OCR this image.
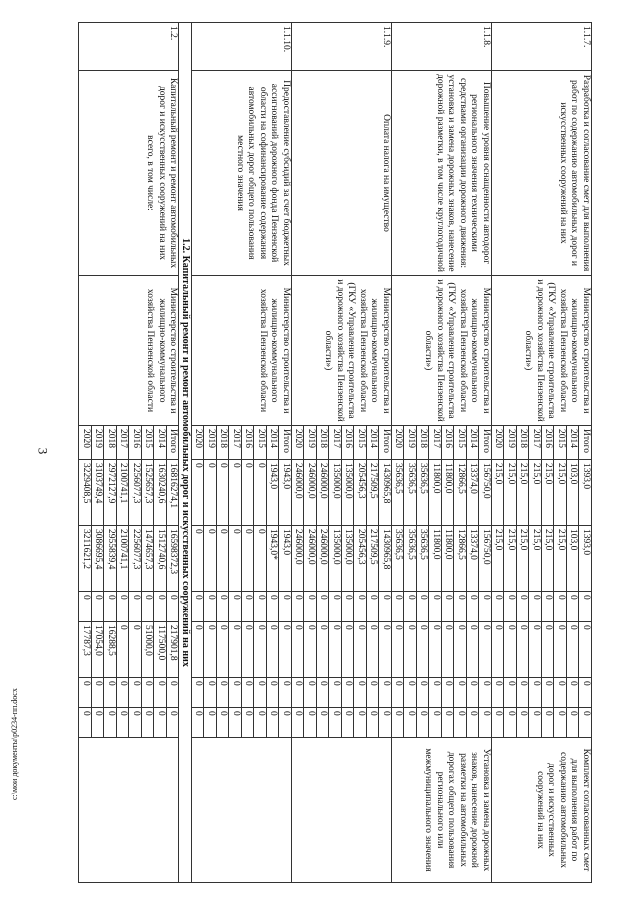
3
c:\мои документы\р0234-пп.docx
1.1.7.	Разработка и согласование смет для выполнения работ по содержанию автомобильных дорог и искусственных сооружений на них	Министерство строительства и жилищно-коммунального хозяйства Пензенской области (ГКУ «Управление строительства и дорожного хозяйства Пензенской области»)	Итого	1393,0	1393,0	0	0	0	0	Комплект согласованных смет для выполнения работ по содержанию автомобильных дорог и искусственных сооружений на них
			2014	103,0	103,0	0	0	0	0	
			2015	215,0	215,0	0	0	0	0	
			2016	215,0	215,0	0	0	0	0	
			2017	215,0	215,0	0	0	0	0	
			2018	215,0	215,0	0	0	0	0	
			2019	215,0	215,0	0	0	0	0	
			2020	215,0	215,0	0	0	0	0	
1.1.8.	Повышение уровня оснащенности автодорог регионального значения техническими средствами организации дорожного движения: установка и замена дорожных знаков, нанесение дорожной разметки, в том числе круглогодичной	Министерство строительства и жилищно-коммунального хозяйства Пензенской области (ГКУ «Управление строительства и дорожного хозяйства Пензенской области»)	Итого	156750,0	156750,0	0	0	0	0	Установка и замена дорожных знаков, нанесение дорожной разметки на автомобильных дорогах общего пользования регионального или межмуниципального значения
			2014	13374,0	13374,0	0	0	0	0	
			2015	12866,5	12866,5	0	0	0	0	
			2016	11800,0	11800,0	0	0	0	0	
			2017	11800,0	11800,0	0	0	0	0	
			2018	35636,5	35636,5	0	0	0	0	
			2019	35636,5	35636,5	0	0	0	0	
			2020	35636,5	35636,5	0	0	0	0	
1.1.9.	Оплата налога на имущество	Министерство строительства и жилищно-коммунального хозяйства Пензенской области (ГКУ «Управление строительства и дорожного хозяйства Пензенской области»)	Итого	1430965,8	1430965,8	0	0	0	0	
			2014	217509,5	217509,5	0	0	0	0	
			2015	205456,3	205456,3	0	0	0	0	
			2016	135000,0	135000,0	0	0	0	0	
			2017	135000,0	135000,0	0	0	0	0	
			2018	246000,0	246000,0	0	0	0	0	
			2019	246000,0	246000,0	0	0	0	0	
			2020	246000,0	246000,0	0	0	0	0	
1.1.10.	Предоставление субсидий за счет бюджетных ассигнований дорожного фонда Пензенской области на софинансирование содержания автомобильных дорог общего пользования местного значения	Министерство строительства и жилищно-коммунального хозяйства Пензенской области	Итого	1943,0	1943,0	0	0	0	0	
			2014	1943,0	1943,0*	0	0	0	0	
			2015	0	0	0	0	0	0	
			2016	0	0	0	0	0	0	
			2017	0	0	0	0	0	0	
			2018	0	0	0	0	0	0	
			2019	0	0	0	0	0	0	
			2020	0	0	0	0	0	0	
1.2. Капитальный ремонт и ремонт автомобильных дорог и искусственных сооружений на них										
1.2.	Капитальный ремонт и ремонт автомобильных дорог и искусственных сооружений на них всего, в том числе:	Министерство строительства и жилищно-коммунального хозяйства Пензенской области	Итого	16816274,1	16598372,3	0	217901,8	0	0	
			2014	1630240,6	1512740,6	0	117500,0	0	0	
			2015	1525657,3	1474657,3	0	51000,0	0	0	
			2016	2256077,3	2256077,3	0	0	0	0	
			2017	2100741,1	2100741,1	0	0	0	0	
			2018	2972127,9	2955839,4	0	16288,5	0	0	
			2019	3103749,4	3086695,4	0	17054,0	0	0	
			2020	3229408,5	3211621,2	0	17787,3	0	0	
